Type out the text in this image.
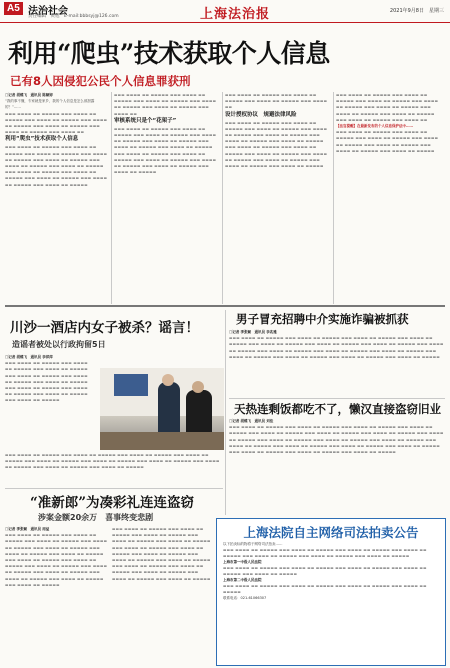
A5 法治社会
责任编辑　黄旭　E-mail:bbbsyj@126.com	上海法治报	2021年9月8日　星期三
利用“爬虫”技术获取个人信息
已有8人因侵犯公民个人信息罪获刑
□记者 胡蝶飞　通讯员 陈颖婷
“我的事不懂，专家就是家乡，我的个人信息是怎么被泄露的？”……
▬▬▬ ▬▬▬▬ ▬▬ ▬▬▬▬▬ ▬▬▬ ▬▬▬▬ ▬▬ ▬▬▬▬▬ ▬▬▬ ▬▬▬▬ ▬▬ ▬▬▬▬▬ ▬▬▬ ▬▬▬▬ ▬▬ ▬▬▬▬▬ ▬▬▬ ▬▬▬▬ ▬▬ ▬▬▬▬▬ ▬▬▬ ▬▬▬▬ ▬▬ ▬▬▬▬▬ ▬▬▬ ▬▬▬▬ ▬▬
利用“爬虫”技术获取个人信息
▬▬▬ ▬▬▬▬ ▬▬ ▬▬▬▬▬ ▬▬▬ ▬▬▬▬ ▬▬ ▬▬▬▬▬ ▬▬▬ ▬▬▬▬ ▬▬ ▬▬▬▬▬ ▬▬▬ ▬▬▬▬ ▬▬ ▬▬▬▬▬ ▬▬▬ ▬▬▬▬ ▬▬ ▬▬▬▬▬ ▬▬▬ ▬▬▬▬ ▬▬ ▬▬▬▬▬ ▬▬▬ ▬▬▬▬ ▬▬ ▬▬▬▬▬ ▬▬▬ ▬▬▬▬ ▬▬ ▬▬▬▬▬ ▬▬▬ ▬▬▬▬ ▬▬ ▬▬▬▬▬ ▬▬▬ ▬▬▬▬ ▬▬ ▬▬▬▬▬ ▬▬▬ ▬▬▬▬ ▬▬ ▬▬▬▬▬ ▬▬▬ ▬▬▬▬ ▬▬ ▬▬▬▬▬
▬▬▬ ▬▬▬▬ ▬▬ ▬▬▬▬▬ ▬▬▬ ▬▬▬▬ ▬▬ ▬▬▬▬▬ ▬▬▬ ▬▬▬▬ ▬▬ ▬▬▬▬▬ ▬▬▬ ▬▬▬▬ ▬▬ ▬▬▬▬▬ ▬▬▬ ▬▬▬▬ ▬▬ ▬▬▬▬▬ ▬▬▬ ▬▬▬▬ ▬▬
审核系统只是个“花架子”
▬▬▬ ▬▬▬▬ ▬▬ ▬▬▬▬▬ ▬▬▬ ▬▬▬▬ ▬▬ ▬▬▬▬▬ ▬▬▬ ▬▬▬▬ ▬▬ ▬▬▬▬▬ ▬▬▬ ▬▬▬▬ ▬▬ ▬▬▬▬▬ ▬▬▬ ▬▬▬▬ ▬▬ ▬▬▬▬▬ ▬▬▬ ▬▬▬▬ ▬▬ ▬▬▬▬▬ ▬▬▬ ▬▬▬▬ ▬▬ ▬▬▬▬▬ ▬▬▬ ▬▬▬▬ ▬▬ ▬▬▬▬▬ ▬▬▬ ▬▬▬▬ ▬▬ ▬▬▬▬▬ ▬▬▬ ▬▬▬▬ ▬▬ ▬▬▬▬▬ ▬▬▬ ▬▬▬▬ ▬▬ ▬▬▬▬▬ ▬▬▬ ▬▬▬▬ ▬▬ ▬▬▬▬▬ ▬▬▬ ▬▬▬▬ ▬▬ ▬▬▬▬▬
▬▬▬ ▬▬▬▬ ▬▬ ▬▬▬▬▬ ▬▬▬ ▬▬▬▬ ▬▬ ▬▬▬▬▬ ▬▬▬ ▬▬▬▬ ▬▬ ▬▬▬▬▬ ▬▬▬ ▬▬▬▬ ▬▬
设计授权协议　规避法律风险
▬▬▬ ▬▬▬▬ ▬▬ ▬▬▬▬▬ ▬▬▬ ▬▬▬▬ ▬▬ ▬▬▬▬▬ ▬▬▬ ▬▬▬▬ ▬▬ ▬▬▬▬▬ ▬▬▬ ▬▬▬▬ ▬▬ ▬▬▬▬▬ ▬▬▬ ▬▬▬▬ ▬▬ ▬▬▬▬▬ ▬▬▬ ▬▬▬▬ ▬▬ ▬▬▬▬▬ ▬▬▬ ▬▬▬▬ ▬▬ ▬▬▬▬▬ ▬▬▬ ▬▬▬▬ ▬▬ ▬▬▬▬▬ ▬▬▬ ▬▬▬▬ ▬▬ ▬▬▬▬▬ ▬▬▬ ▬▬▬▬ ▬▬ ▬▬▬▬▬ ▬▬▬ ▬▬▬▬ ▬▬ ▬▬▬▬▬ ▬▬▬ ▬▬▬▬ ▬▬ ▬▬▬▬▬ ▬▬▬ ▬▬▬▬ ▬▬ ▬▬▬▬▬ ▬▬▬ ▬▬▬▬ ▬▬ ▬▬▬▬▬
▬▬▬ ▬▬▬▬ ▬▬ ▬▬▬▬▬ ▬▬▬ ▬▬▬▬ ▬▬ ▬▬▬▬▬ ▬▬▬ ▬▬▬▬ ▬▬ ▬▬▬▬▬ ▬▬▬ ▬▬▬▬ ▬▬ ▬▬▬▬▬ ▬▬▬ ▬▬▬▬ ▬▬ ▬▬▬▬▬ ▬▬▬ ▬▬▬▬ ▬▬ ▬▬▬▬▬ ▬▬▬ ▬▬▬▬ ▬▬ ▬▬▬▬▬ ▬▬▬ ▬▬▬▬ ▬▬ ▬▬▬▬▬ ▬▬▬ ▬▬▬▬ ▬▬
【法官提醒】在最新发布的个人信息保护法中……
▬▬▬ ▬▬▬▬ ▬▬ ▬▬▬▬▬ ▬▬▬ ▬▬▬▬ ▬▬ ▬▬▬▬▬ ▬▬▬ ▬▬▬▬ ▬▬ ▬▬▬▬▬ ▬▬▬ ▬▬▬▬ ▬▬ ▬▬▬▬▬ ▬▬▬ ▬▬▬▬ ▬▬ ▬▬▬▬▬ ▬▬▬ ▬▬▬▬ ▬▬ ▬▬▬▬▬ ▬▬▬ ▬▬▬▬ ▬▬ ▬▬▬▬▬
川沙一酒店内女子被杀？谣言！
造谣者被处以行政拘留5日
□记者 胡蝶飞　通讯员 李萍萍
▬▬▬ ▬▬▬▬ ▬▬ ▬▬▬▬▬ ▬▬▬ ▬▬▬▬ ▬▬ ▬▬▬▬▬ ▬▬▬ ▬▬▬▬ ▬▬ ▬▬▬▬▬ ▬▬▬ ▬▬▬▬ ▬▬ ▬▬▬▬▬ ▬▬▬ ▬▬▬▬ ▬▬ ▬▬▬▬▬ ▬▬▬ ▬▬▬▬ ▬▬ ▬▬▬▬▬ ▬▬▬ ▬▬▬▬ ▬▬ ▬▬▬▬▬ ▬▬▬ ▬▬▬▬ ▬▬ ▬▬▬▬▬ ▬▬▬ ▬▬▬▬ ▬▬ ▬▬▬▬▬ ▬▬▬ ▬▬▬▬ ▬▬ ▬▬▬▬▬
▬▬▬ ▬▬▬▬ ▬▬ ▬▬▬▬▬ ▬▬▬ ▬▬▬▬ ▬▬ ▬▬▬▬▬ ▬▬▬ ▬▬▬▬ ▬▬ ▬▬▬▬▬ ▬▬▬ ▬▬▬▬ ▬▬ ▬▬▬▬▬ ▬▬▬ ▬▬▬▬ ▬▬ ▬▬▬▬▬ ▬▬▬ ▬▬▬▬ ▬▬ ▬▬▬▬▬ ▬▬▬ ▬▬▬▬ ▬▬ ▬▬▬▬▬ ▬▬▬ ▬▬▬▬ ▬▬ ▬▬▬▬▬ ▬▬▬ ▬▬▬▬ ▬▬ ▬▬▬▬▬ ▬▬▬ ▬▬▬▬ ▬▬ ▬▬▬▬▬
男子冒充招聘中介实施诈骗被抓获
□记者 季张颖　通讯员 李兆雅
▬▬▬ ▬▬▬▬ ▬▬ ▬▬▬▬▬ ▬▬▬ ▬▬▬▬ ▬▬ ▬▬▬▬▬ ▬▬▬ ▬▬▬▬ ▬▬ ▬▬▬▬▬ ▬▬▬ ▬▬▬▬ ▬▬ ▬▬▬▬▬ ▬▬▬ ▬▬▬▬ ▬▬ ▬▬▬▬▬ ▬▬▬ ▬▬▬▬ ▬▬ ▬▬▬▬▬ ▬▬▬ ▬▬▬▬ ▬▬ ▬▬▬▬▬ ▬▬▬ ▬▬▬▬ ▬▬ ▬▬▬▬▬ ▬▬▬ ▬▬▬▬ ▬▬ ▬▬▬▬▬ ▬▬▬ ▬▬▬▬ ▬▬ ▬▬▬▬▬ ▬▬▬ ▬▬▬▬ ▬▬ ▬▬▬▬▬ ▬▬▬ ▬▬▬▬ ▬▬ ▬▬▬▬▬ ▬▬▬ ▬▬▬▬ ▬▬ ▬▬▬▬▬ ▬▬▬ ▬▬▬▬ ▬▬ ▬▬▬▬▬ ▬▬▬ ▬▬▬▬ ▬▬ ▬▬▬▬▬
天热连剩饭都吃不了，懒汉直接盗窃旧业
□记者 胡蝶飞　通讯员 刘佳
▬▬▬ ▬▬▬▬ ▬▬ ▬▬▬▬▬ ▬▬▬ ▬▬▬▬ ▬▬ ▬▬▬▬▬ ▬▬▬ ▬▬▬▬ ▬▬ ▬▬▬▬▬ ▬▬▬ ▬▬▬▬ ▬▬ ▬▬▬▬▬ ▬▬▬ ▬▬▬▬ ▬▬ ▬▬▬▬▬ ▬▬▬ ▬▬▬▬ ▬▬ ▬▬▬▬▬ ▬▬▬ ▬▬▬▬ ▬▬ ▬▬▬▬▬ ▬▬▬ ▬▬▬▬ ▬▬ ▬▬▬▬▬ ▬▬▬ ▬▬▬▬ ▬▬ ▬▬▬▬▬ ▬▬▬ ▬▬▬▬ ▬▬ ▬▬▬▬▬ ▬▬▬ ▬▬▬▬ ▬▬ ▬▬▬▬▬ ▬▬▬ ▬▬▬▬ ▬▬ ▬▬▬▬▬ ▬▬▬ ▬▬▬▬ ▬▬ ▬▬▬▬▬ ▬▬▬ ▬▬▬▬ ▬▬ ▬▬▬▬▬ ▬▬▬ ▬▬▬▬ ▬▬ ▬▬▬▬▬ ▬▬▬ ▬▬▬▬ ▬▬ ▬▬▬▬▬ ▬▬▬ ▬▬▬▬ ▬▬ ▬▬▬▬▬ ▬▬▬ ▬▬▬▬ ▬▬ ▬▬▬▬▬
“准新郎”为凑彩礼连连盗窃
涉案金额20余万　喜事终变悲剧
□记者 季张颖　通讯员 周益
▬▬▬ ▬▬▬▬ ▬▬ ▬▬▬▬▬ ▬▬▬ ▬▬▬▬ ▬▬ ▬▬▬▬▬ ▬▬▬ ▬▬▬▬ ▬▬ ▬▬▬▬▬ ▬▬▬ ▬▬▬▬ ▬▬ ▬▬▬▬▬ ▬▬▬ ▬▬▬▬ ▬▬ ▬▬▬▬▬ ▬▬▬ ▬▬▬▬ ▬▬ ▬▬▬▬▬ ▬▬▬ ▬▬▬▬ ▬▬ ▬▬▬▬▬ ▬▬▬ ▬▬▬▬ ▬▬ ▬▬▬▬▬ ▬▬▬ ▬▬▬▬ ▬▬ ▬▬▬▬▬ ▬▬▬ ▬▬▬▬ ▬▬ ▬▬▬▬▬ ▬▬▬ ▬▬▬▬ ▬▬ ▬▬▬▬▬ ▬▬▬ ▬▬▬▬ ▬▬ ▬▬▬▬▬ ▬▬▬ ▬▬▬▬ ▬▬ ▬▬▬▬▬ ▬▬▬ ▬▬▬▬ ▬▬ ▬▬▬▬▬ ▬▬▬ ▬▬▬▬ ▬▬ ▬▬▬▬▬
▬▬▬ ▬▬▬▬ ▬▬ ▬▬▬▬▬ ▬▬▬ ▬▬▬▬ ▬▬ ▬▬▬▬▬ ▬▬▬ ▬▬▬▬ ▬▬ ▬▬▬▬▬ ▬▬▬ ▬▬▬▬ ▬▬ ▬▬▬▬▬ ▬▬▬ ▬▬▬▬ ▬▬ ▬▬▬▬▬ ▬▬▬ ▬▬▬▬ ▬▬ ▬▬▬▬▬ ▬▬▬ ▬▬▬▬ ▬▬ ▬▬▬▬▬ ▬▬▬ ▬▬▬▬ ▬▬ ▬▬▬▬▬ ▬▬▬ ▬▬▬▬ ▬▬ ▬▬▬▬▬ ▬▬▬ ▬▬▬▬ ▬▬ ▬▬▬▬▬ ▬▬▬ ▬▬▬▬ ▬▬ ▬▬▬▬▬ ▬▬▬ ▬▬▬▬ ▬▬ ▬▬▬▬▬ ▬▬▬ ▬▬▬▬ ▬▬ ▬▬▬▬▬ ▬▬▬ ▬▬▬▬ ▬▬ ▬▬▬▬▬ ▬▬▬ ▬▬▬▬ ▬▬ ▬▬▬▬▬
上海法院自主网络司法拍卖公告
以下拍卖标的物将于网络司法拍卖……
▬▬▬ ▬▬▬▬ ▬▬ ▬▬▬▬▬ ▬▬▬ ▬▬▬▬ ▬▬ ▬▬▬▬▬ ▬▬▬ ▬▬▬▬ ▬▬ ▬▬▬▬▬ ▬▬▬ ▬▬▬▬ ▬▬ ▬▬▬▬▬ ▬▬▬ ▬▬▬▬ ▬▬ ▬▬▬▬▬ ▬▬▬ ▬▬▬▬ ▬▬ ▬▬▬▬▬ ▬▬▬ ▬▬▬▬ ▬▬ ▬▬▬▬▬
上海市第一中级人民法院
▬▬▬ ▬▬▬▬ ▬▬ ▬▬▬▬▬ ▬▬▬ ▬▬▬▬ ▬▬ ▬▬▬▬▬ ▬▬▬ ▬▬▬▬ ▬▬ ▬▬▬▬▬ ▬▬▬ ▬▬▬▬ ▬▬ ▬▬▬▬▬ ▬▬▬ ▬▬▬▬ ▬▬ ▬▬▬▬▬
上海市第二中级人民法院
▬▬▬ ▬▬▬▬ ▬▬ ▬▬▬▬▬ ▬▬▬ ▬▬▬▬ ▬▬ ▬▬▬▬▬ ▬▬▬ ▬▬▬▬ ▬▬ ▬▬▬▬▬ ▬▬▬ ▬▬▬▬ ▬▬ ▬▬▬▬▬
联系电话：021-61066307
